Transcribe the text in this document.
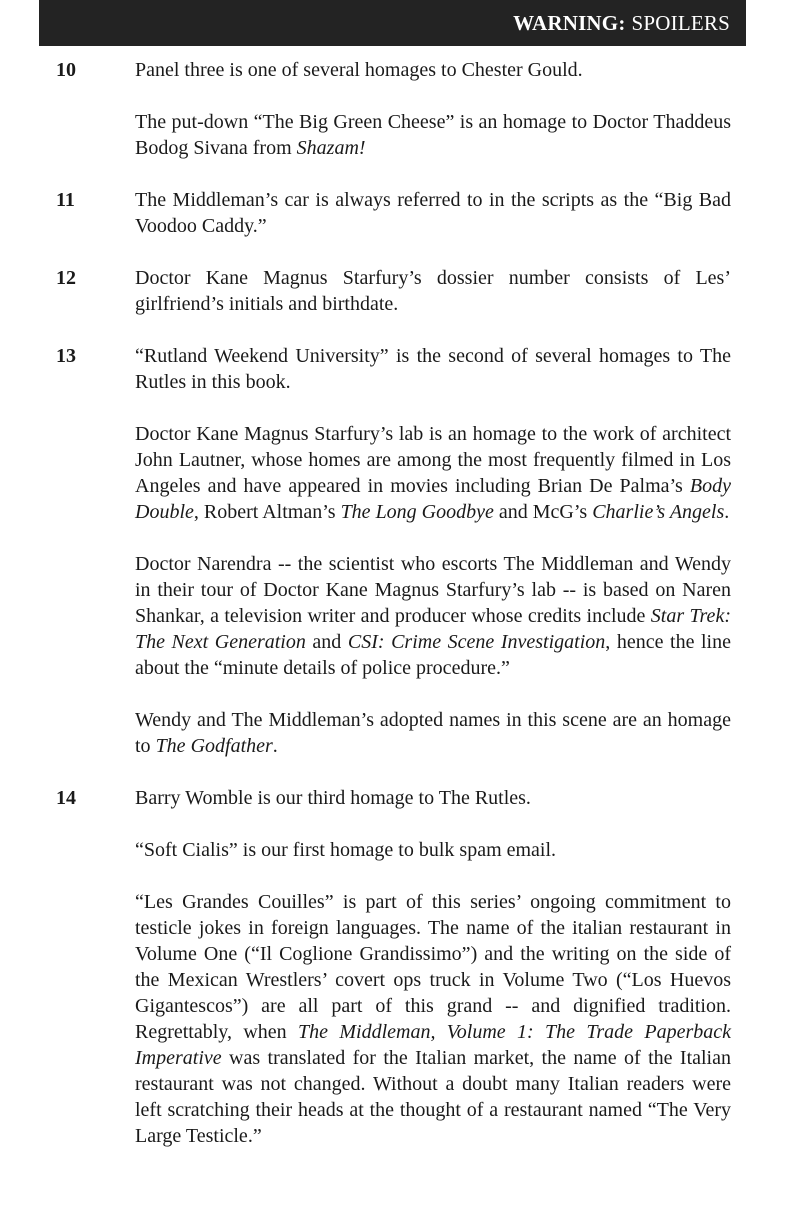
WARNING: SPOILERS
10	Panel three is one of several homages to Chester Gould.

The put-down “The Big Green Cheese” is an homage to Doctor Thaddeus Bodog Sivana from Shazam!

11	The Middleman’s car is always referred to in the scripts as the “Big Bad Voodoo Caddy.”

12	Doctor Kane Magnus Starfury’s dossier number consists of Les’ girlfriend’s initials and birthdate.

13	“Rutland Weekend University” is the second of several homages to The Rutles in this book.

Doctor Kane Magnus Starfury’s lab is an homage to the work of architect John Lautner, whose homes are among the most frequently filmed in Los Angeles and have appeared in movies including Brian De Palma’s Body Double, Robert Altman’s The Long Goodbye and McG’s Charlie’s Angels.

Doctor Narendra -- the scientist who escorts The Middleman and Wendy in their tour of Doctor Kane Magnus Starfury’s lab -- is based on Naren Shankar, a television writer and producer whose credits include Star Trek: The Next Generation and CSI: Crime Scene Investigation, hence the line about the “minute details of police procedure.”

Wendy and The Middleman’s adopted names in this scene are an homage to The Godfather.

14	Barry Womble is our third homage to The Rutles.

“Soft Cialis” is our first homage to bulk spam email.

“Les Grandes Couilles” is part of this series’ ongoing commitment to testicle jokes in foreign languages. The name of the italian restaurant in Volume One (“Il Coglione Grandissimo”) and the writing on the side of the Mexican Wrestlers’ covert ops truck in Volume Two (“Los Huevos Gigantescos”) are all part of this grand -- and dignified tradition. Regrettably, when The Middleman, Volume 1: The Trade Paperback Imperative was translated for the Italian market, the name of the Italian restaurant was not changed. Without a doubt many Italian readers were left scratching their heads at the thought of a restaurant named “The Very Large Testicle.”
